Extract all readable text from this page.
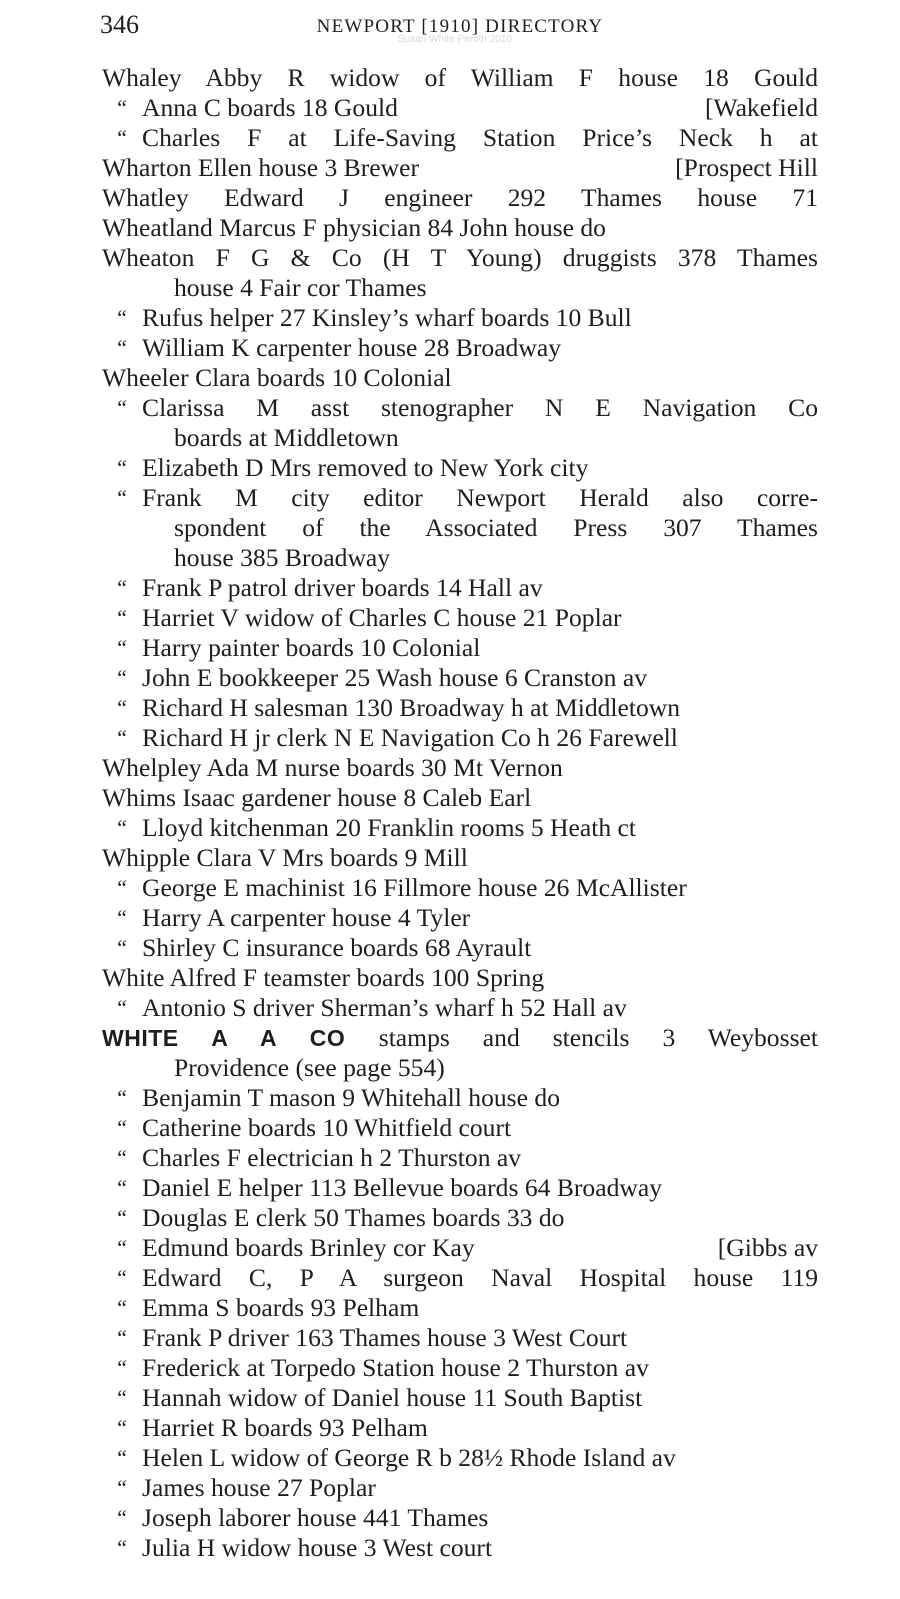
346	NEWPORT [1910] DIRECTORY
Susan White Peroth 2010
Whaley Abby R widow of William F house 18 Gould
“ Anna C boards 18 Gould	[Wakefield
“ Charles F at Life-Saving Station Price’s Neck h at
Wharton Ellen house 3 Brewer	[Prospect Hill
Whatley Edward J engineer 292 Thames house 71
Wheatland Marcus F physician 84 John house do
Wheaton F G & Co (H T Young) druggists 378 Thames
house 4 Fair cor Thames
“ Rufus helper 27 Kinsley’s wharf boards 10 Bull
“ William K carpenter house 28 Broadway
Wheeler Clara boards 10 Colonial
“ Clarissa M asst stenographer N E Navigation Co
boards at Middletown
“ Elizabeth D Mrs removed to New York city
“ Frank M city editor Newport Herald also corre-
spondent of the Associated Press 307 Thames
house 385 Broadway
“ Frank P patrol driver boards 14 Hall av
“ Harriet V widow of Charles C house 21 Poplar
“ Harry painter boards 10 Colonial
“ John E bookkeeper 25 Wash house 6 Cranston av
“ Richard H salesman 130 Broadway h at Middletown
“ Richard H jr clerk N E Navigation Co h 26 Farewell
Whelpley Ada M nurse boards 30 Mt Vernon
Whims Isaac gardener house 8 Caleb Earl
“ Lloyd kitchenman 20 Franklin rooms 5 Heath ct
Whipple Clara V Mrs boards 9 Mill
“ George E machinist 16 Fillmore house 26 McAllister
“ Harry A carpenter house 4 Tyler
“ Shirley C insurance boards 68 Ayrault
White Alfred F teamster boards 100 Spring
“ Antonio S driver Sherman’s wharf h 52 Hall av
WHITE A A CO stamps and stencils 3 Weybosset
Providence (see page 554)
“ Benjamin T mason 9 Whitehall house do
“ Catherine boards 10 Whitfield court
“ Charles F electrician h 2 Thurston av
“ Daniel E helper 113 Bellevue boards 64 Broadway
“ Douglas E clerk 50 Thames boards 33 do
“ Edmund boards Brinley cor Kay	[Gibbs av
“ Edward C, P A surgeon Naval Hospital house 119
“ Emma S boards 93 Pelham
“ Frank P driver 163 Thames house 3 West Court
“ Frederick at Torpedo Station house 2 Thurston av
“ Hannah widow of Daniel house 11 South Baptist
“ Harriet R boards 93 Pelham
“ Helen L widow of George R b 28½ Rhode Island av
“ James house 27 Poplar
“ Joseph laborer house 441 Thames
“ Julia H widow house 3 West court
